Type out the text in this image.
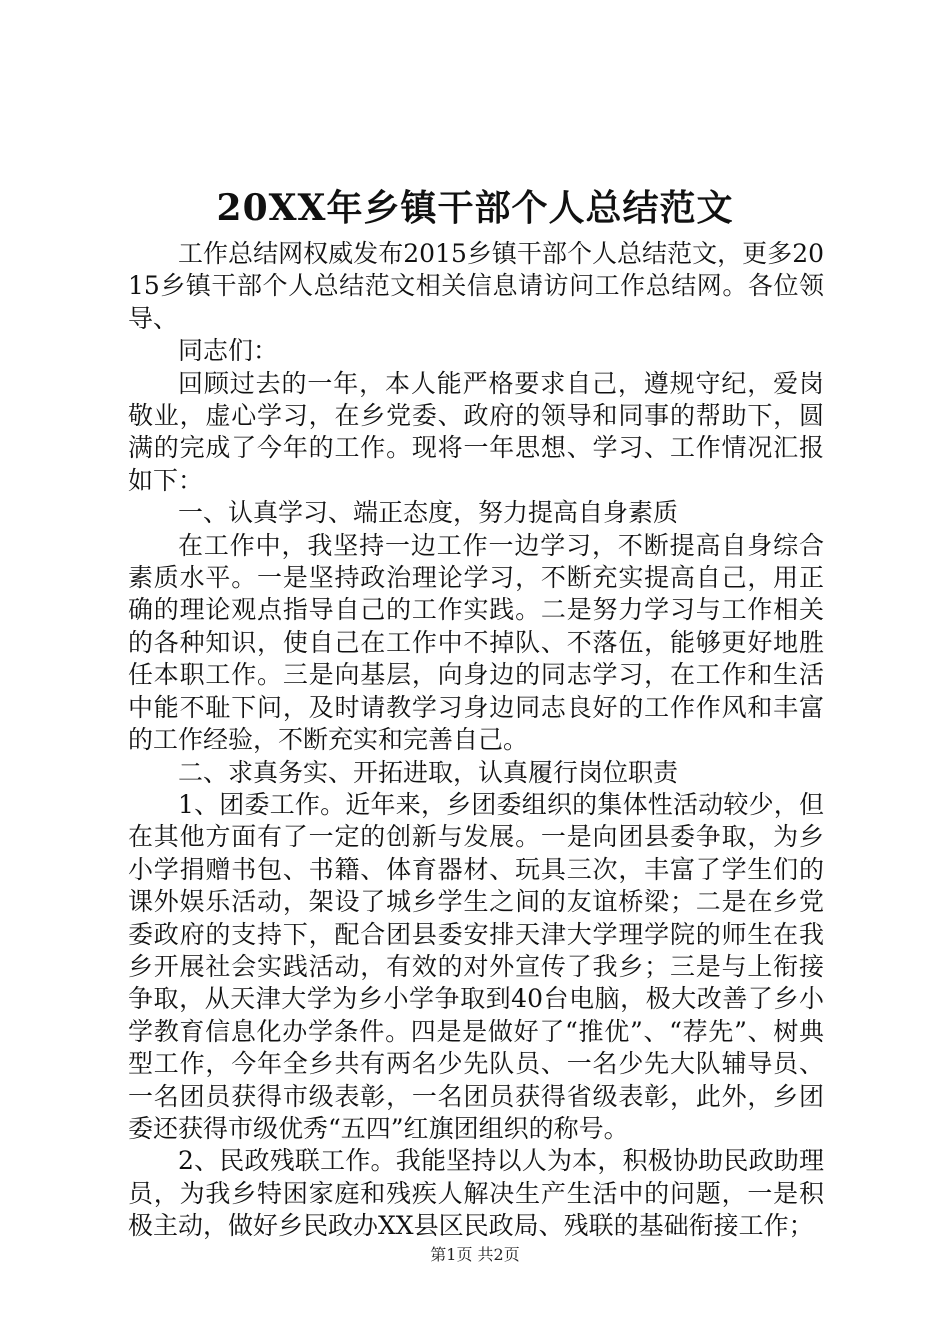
20XX年乡镇干部个人总结范文

工作总结网权威发布2015乡镇干部个人总结范文，更多2015乡镇干部个人总结范文相关信息请访问工作总结网。各位领导、

同志们：

回顾过去的一年，本人能严格要求自己，遵规守纪，爱岗敬业，虚心学习，在乡党委、政府的领导和同事的帮助下，圆满的完成了今年的工作。现将一年思想、学习、工作情况汇报如下：

一、认真学习、端正态度，努力提高自身素质

在工作中，我坚持一边工作一边学习，不断提高自身综合素质水平。一是坚持政治理论学习，不断充实提高自己，用正确的理论观点指导自己的工作实践。二是努力学习与工作相关的各种知识，使自己在工作中不掉队、不落伍，能够更好地胜任本职工作。三是向基层，向身边的同志学习，在工作和生活中能不耻下问，及时请教学习身边同志良好的工作作风和丰富的工作经验，不断充实和完善自己。

二、求真务实、开拓进取，认真履行岗位职责

1、团委工作。近年来，乡团委组织的集体性活动较少，但在其他方面有了一定的创新与发展。一是向团县委争取，为乡小学捐赠书包、书籍、体育器材、玩具三次，丰富了学生们的课外娱乐活动，架设了城乡学生之间的友谊桥梁；二是在乡党委政府的支持下，配合团县委安排天津大学理学院的师生在我乡开展社会实践活动，有效的对外宣传了我乡；三是与上衔接争取，从天津大学为乡小学争取到40台电脑，极大改善了乡小学教育信息化办学条件。四是是做好了“推优”、“荐先”、树典型工作，今年全乡共有两名少先队员、一名少先大队辅导员、一名团员获得市级表彰，一名团员获得省级表彰，此外，乡团委还获得市级优秀“五四”红旗团组织的称号。

2、民政残联工作。我能坚持以人为本，积极协助民政助理员，为我乡特困家庭和残疾人解决生产生活中的问题，一是积极主动，做好乡民政办XX县区民政局、残联的基础衔接工作；

第1页 共2页
